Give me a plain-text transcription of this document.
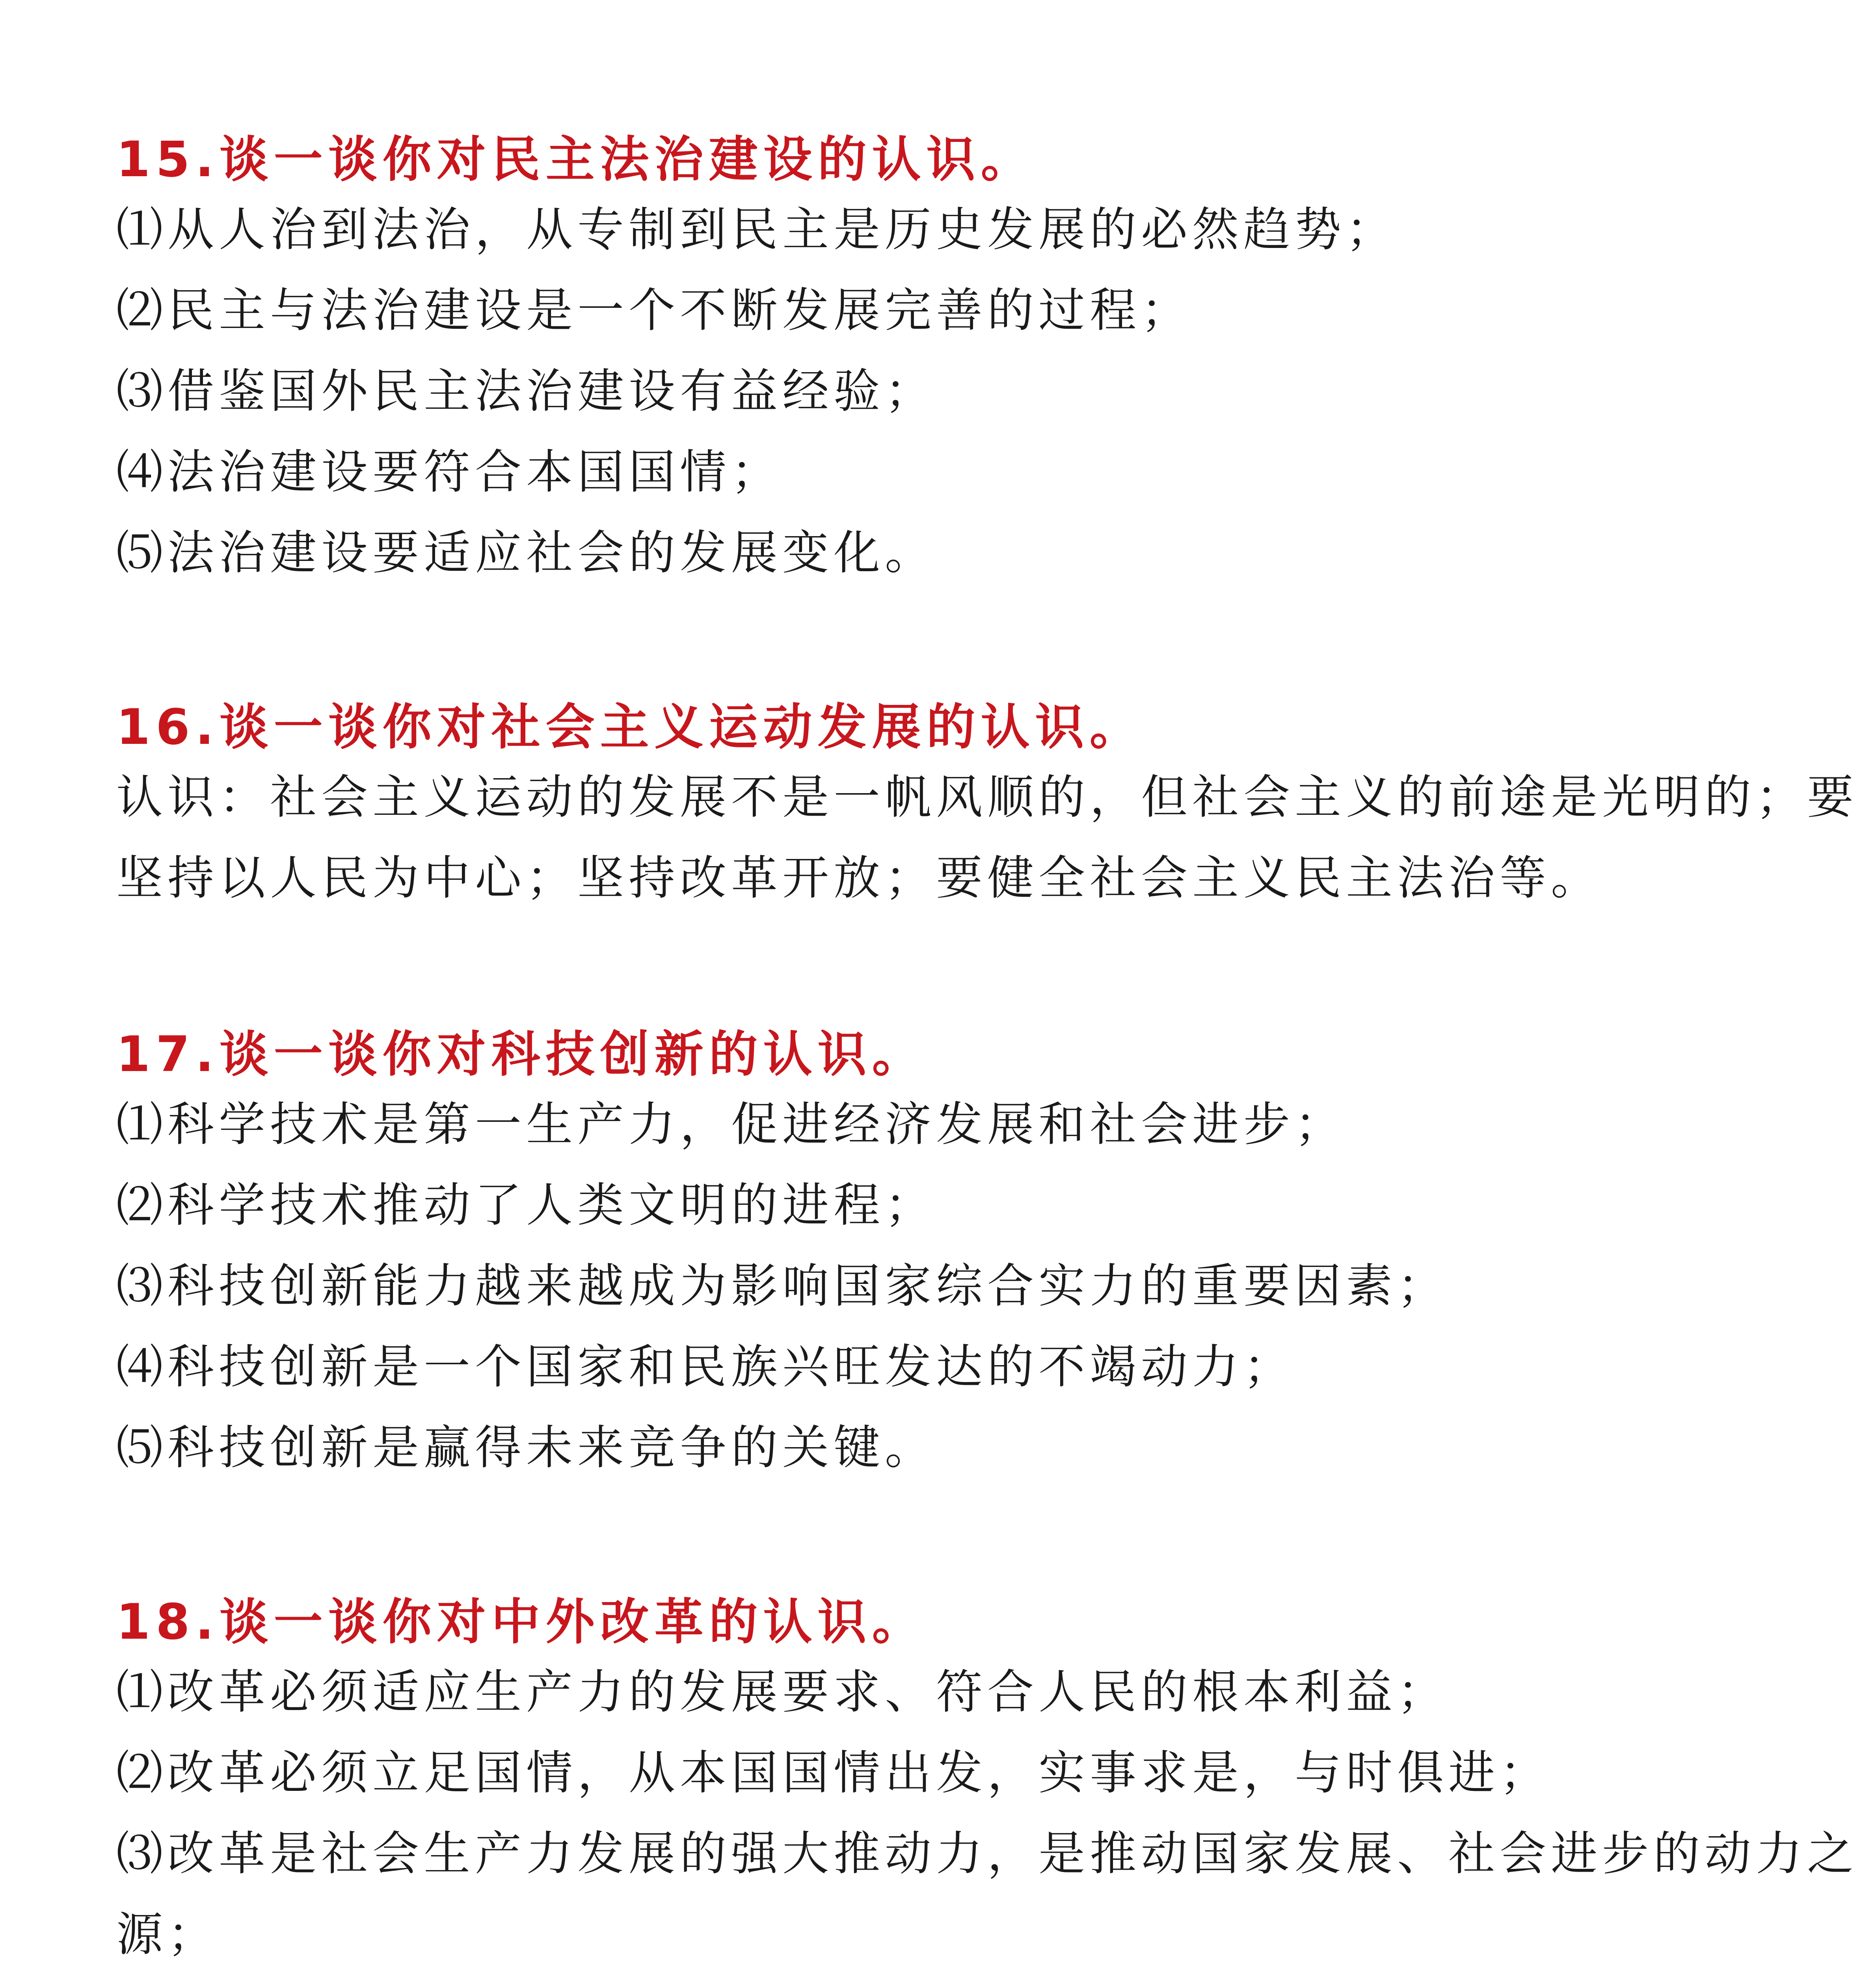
15.谈一谈你对民主法治建设的认识。
⑴从人治到法治，从专制到民主是历史发展的必然趋势；
⑵民主与法治建设是一个不断发展完善的过程；
⑶借鉴国外民主法治建设有益经验；
⑷法治建设要符合本国国情；
⑸法治建设要适应社会的发展变化。
16.谈一谈你对社会主义运动发展的认识。

认识：社会主义运动的发展不是一帆风顺的，但社会主义的前途是光明的；要
坚持以人民为中心；坚持改革开放；要健全社会主义民主法治等。

17.谈一谈你对科技创新的认识。
⑴科学技术是第一生产力，促进经济发展和社会进步；
⑵科学技术推动了人类文明的进程；
⑶科技创新能力越来越成为影响国家综合实力的重要因素；
⑷科技创新是一个国家和民族兴旺发达的不竭动力；
⑸科技创新是赢得未来竞争的关键。
18.谈一谈你对中外改革的认识。
⑴改革必须适应生产力的发展要求、符合人民的根本利益；
⑵改革必须立足国情，从本国国情出发，实事求是，与时俱进；
⑶改革是社会生产力发展的强大推动力，是推动国家发展、社会进步的动力之
源；
